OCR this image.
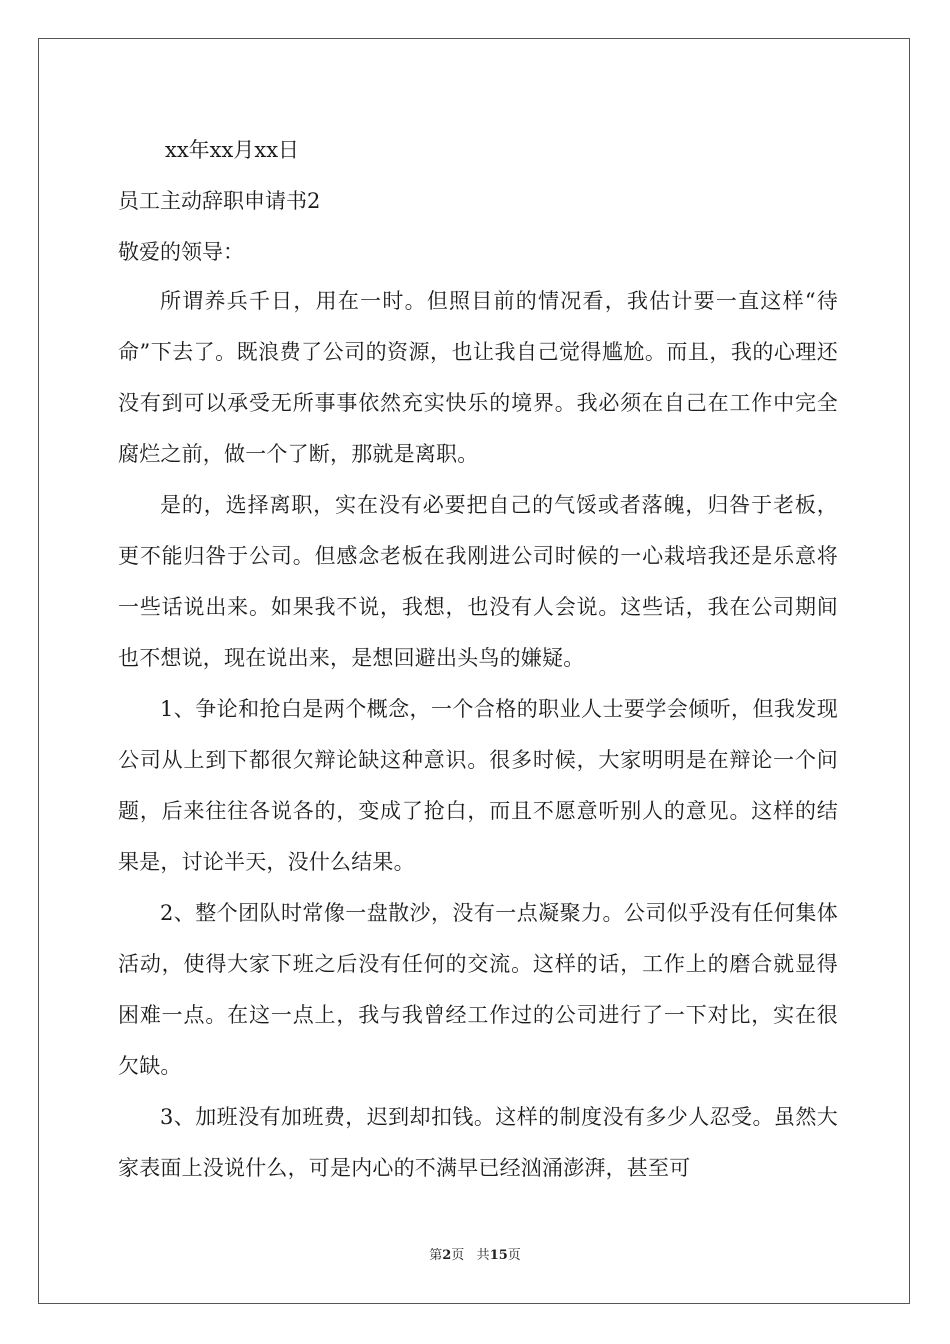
xx年xx月xx日
员工主动辞职申请书2
敬爱的领导：

所谓养兵千日，用在一时。但照目前的情况看，我估计要一直这样“待命”下去了。既浪费了公司的资源，也让我自己觉得尴尬。而且，我的心理还没有到可以承受无所事事依然充实快乐的境界。我必须在自己在工作中完全腐烂之前，做一个了断，那就是离职。

是的，选择离职，实在没有必要把自己的气馁或者落魄，归咎于老板，更不能归咎于公司。但感念老板在我刚进公司时候的一心栽培我还是乐意将一些话说出来。如果我不说，我想，也没有人会说。这些话，我在公司期间也不想说，现在说出来，是想回避出头鸟的嫌疑。

1、争论和抢白是两个概念，一个合格的职业人士要学会倾听，但我发现公司从上到下都很欠辩论缺这种意识。很多时候，大家明明是在辩论一个问题，后来往往各说各的，变成了抢白，而且不愿意听别人的意见。这样的结果是，讨论半天，没什么结果。

2、整个团队时常像一盘散沙，没有一点凝聚力。公司似乎没有任何集体活动，使得大家下班之后没有任何的交流。这样的话，工作上的磨合就显得困难一点。在这一点上，我与我曾经工作过的公司进行了一下对比，实在很欠缺。

3、加班没有加班费，迟到却扣钱。这样的制度没有多少人忍受。虽然大家表面上没说什么，可是内心的不满早已经汹涌澎湃，甚至可

第2页 共15页
